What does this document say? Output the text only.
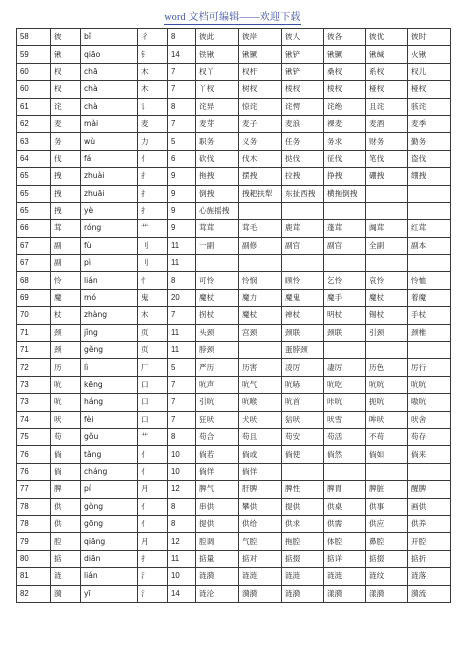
word 文档可编辑——欢迎下载
58	彼	bǐ	彳	8	彼此	彼岸	彼人	彼各	彼优	彼时
59	锹	qiāo	钅	14	铁锹	锹镢	锹铲	锹镢	锹缄	火锹
60	杈	chā	木	7	杈丫	杈杆	锹铲	桑杈	系杈	杈儿
60	杈	chà	木	7	丫杈	树杈	棱杈	棱杈	桠杈	桠杈
61	诧	chà	讠	8	诧异	惊诧	诧愕	诧绝	且诧	骇诧
62	麦	mài	麦	7	麦芽	麦子	麦浪	裸麦	麦酒	麦季
63	务	wù	力	5	职务	义务	任务	务求	财务	勤务
64	伐	fá	亻	6	砍伐	伐木	挞伐	征伐	笔伐	盗伐
65	拽	zhuài	扌	9	拖拽	摆拽	拉拽	挣拽	硼拽	绷拽
65	拽	zhuāi	扌	9	倒拽	拽耙扶犁	东扯西拽	横拖倒拽		
65	拽	yè	扌	9	心旌摇拽					
66	茸	róng	艹	9	茸茸	茸毛	鹿茸	蓬茸	阘茸	红茸
67	副	fù	刂	11	一副	副修	副官	副官	全副	副本
67	副	pì	刂	11						
68	怜	lián	忄	8	可怜	怜悯	顾怜	乞怜	哀怜	怜恤
69	魔	mó	鬼	20	魔杖	魔力	魔鬼	魔手	魔杖	着魔
70	杖	zhàng	木	7	拐杖	魔杖	禅杖	明杖	锡杖	手杖
71	颈	jǐng	页	11	头颈	宫颈	颈联	颈联	引颈	颈椎
71	颈	gěng	页	11	脖颈		蛋脖颈			
72	历	lì	厂	5	严历	历害	凌厉	凄厉	历色	厉行
73	吭	kēng	口	7	吭声	吭气	吭哧	吭吃	吭吭	吭吭
73	吭	háng	口	7	引吭	吭喉	吭首	咔吭	扼吭	嗷吭
74	吠	fèi	口	7	狂吠	犬吠	狺吠	吠雪	哞吠	吠舍
75	苟	gǒu	艹	8	苟合	苟且	苟安	苟活	不苟	苟存
76	倘	tǎng	亻	10	倘若	倘或	倘使	倘然	倘如	倘来
76	倘	cháng	亻	10	倘佯	倘佯				
77	脾	pí	月	12	脾气	肝脾	脾性	脾胃	脾脏	醒脾
78	供	gòng	亻	8	串供	攀供	提供	供桌	供事	画供
78	供	gōng	亻	8	提供	供给	供求	供需	供应	供养
79	腔	qiāng	月	12	腔调	气腔	拖腔	体腔	鼻腔	开腔
80	掂	diān	扌	11	掂量	掂对	掂掇	掂详	掂掇	掂折
81	涟	lián	氵	10	涟漪	涟涟	涟涟	涟涟	涟纹	涟落
82	漪	yī	氵	14	涟沦	漪漪	涟漪	漾漪	漾漪	漪流
